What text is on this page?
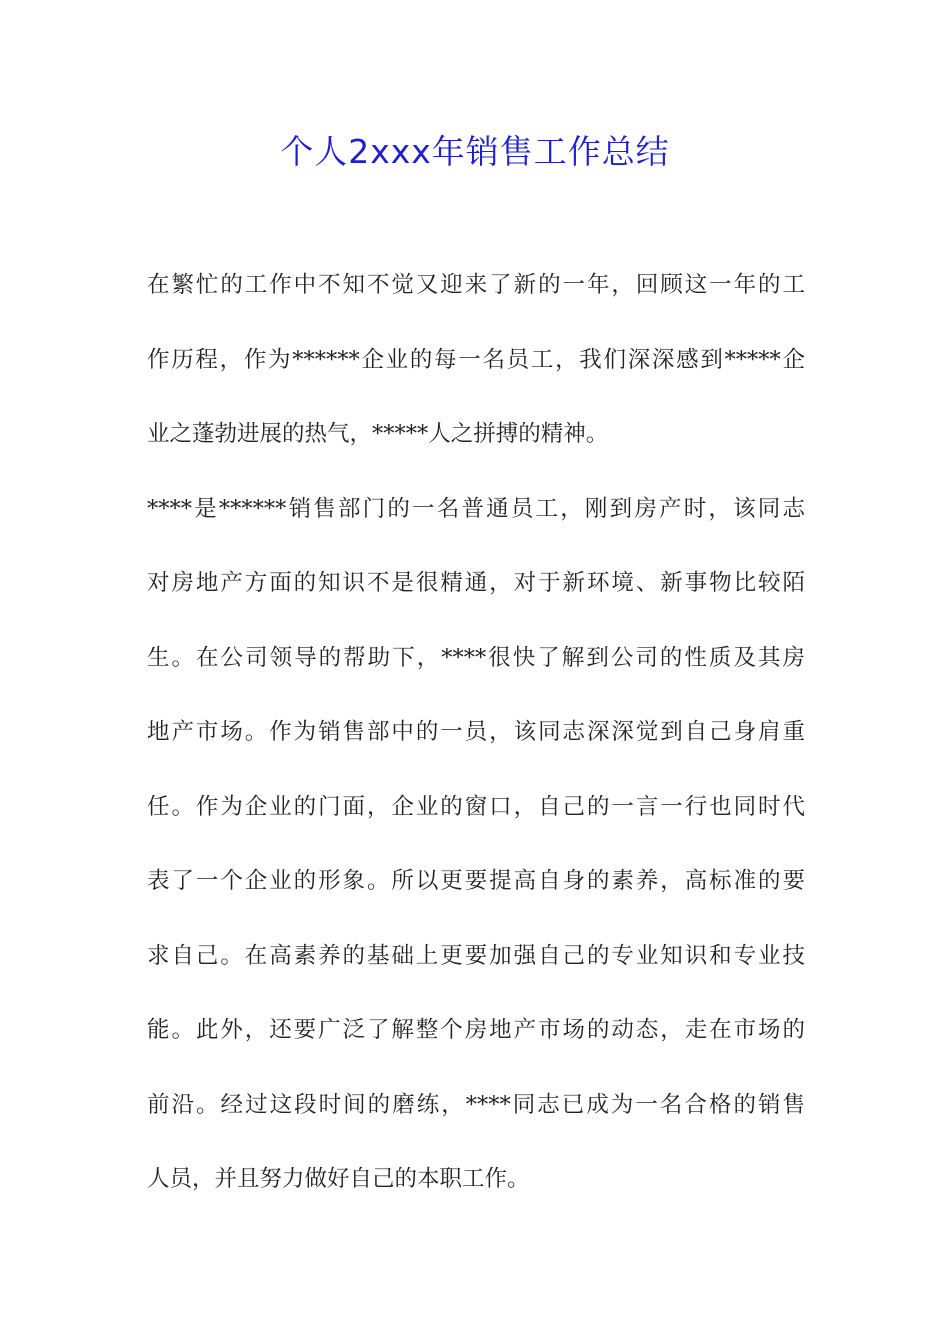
个人2xxx年销售工作总结
在繁忙的工作中不知不觉又迎来了新的一年，回顾这一年的工
作历程，作为******企业的每一名员工，我们深深感到*****企
业之蓬勃进展的热气，*****人之拼搏的精神。
****是******销售部门的一名普通员工，刚到房产时，该同志
对房地产方面的知识不是很精通，对于新环境、新事物比较陌
生。在公司领导的帮助下，****很快了解到公司的性质及其房
地产市场。作为销售部中的一员，该同志深深觉到自己身肩重
任。作为企业的门面，企业的窗口，自己的一言一行也同时代
表了一个企业的形象。所以更要提高自身的素养，高标准的要
求自己。在高素养的基础上更要加强自己的专业知识和专业技
能。此外，还要广泛了解整个房地产市场的动态，走在市场的
前沿。经过这段时间的磨练，****同志已成为一名合格的销售
人员，并且努力做好自己的本职工作。
